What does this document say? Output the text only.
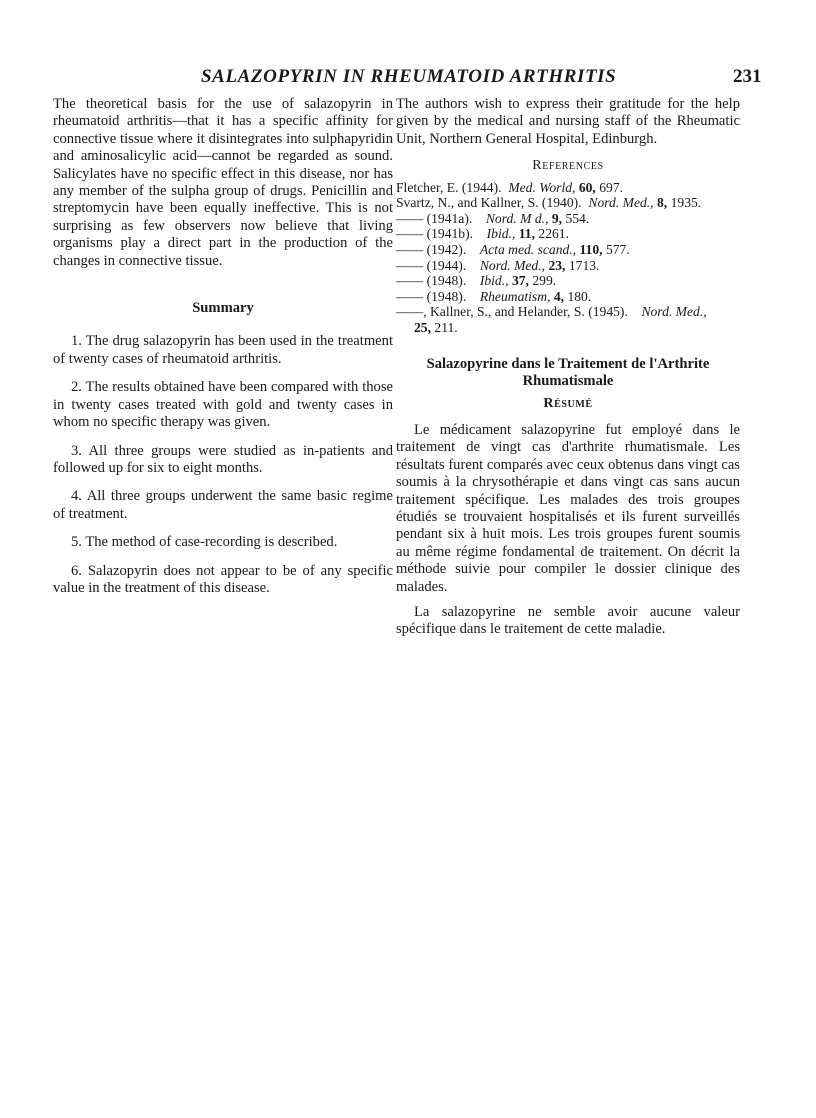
SALAZOPYRIN IN RHEUMATOID ARTHRITIS	231

The theoretical basis for the use of salazopyrin in rheumatoid arthritis—that it has a specific affinity for connective tissue where it disintegrates into sulphapyridin and aminosalicylic acid—cannot be regarded as sound. Salicylates have no specific effect in this disease, nor has any member of the sulpha group of drugs. Penicillin and streptomycin have been equally ineffective. This is not surprising as few observers now believe that living organisms play a direct part in the production of the changes in connective tissue.

Summary

1. The drug salazopyrin has been used in the treatment of twenty cases of rheumatoid arthritis.

2. The results obtained have been compared with those in twenty cases treated with gold and twenty cases in whom no specific therapy was given.

3. All three groups were studied as in-patients and followed up for six to eight months.

4. All three groups underwent the same basic regime of treatment.

5. The method of case-recording is described.

6. Salazopyrin does not appear to be of any specific value in the treatment of this disease.

The authors wish to express their gratitude for the help given by the medical and nursing staff of the Rheumatic Unit, Northern General Hospital, Edinburgh.

References
Fletcher, E. (1944). Med. World, 60, 697.
Svartz, N., and Kallner, S. (1940). Nord. Med., 8, 1935.
—— (1941a). Nord. M d., 9, 554.
—— (1941b). Ibid., 11, 2261.
—— (1942). Acta med. scand., 110, 577.
—— (1944). Nord. Med., 23, 1713.
—— (1948). Ibid., 37, 299.
—— (1948). Rheumatism, 4, 180.
——, Kallner, S., and Helander, S. (1945). Nord. Med.,
25, 211.
Salazopyrine dans le Traitement de l'Arthrite
Rhumatismale
Résumé

Le médicament salazopyrine fut employé dans le traitement de vingt cas d'arthrite rhumatismale. Les résultats furent comparés avec ceux obtenus dans vingt cas soumis à la chrysothérapie et dans vingt cas sans aucun traitement spécifique. Les malades des trois groupes étudiés se trouvaient hospitalisés et ils furent surveillés pendant six à huit mois. Les trois groupes furent soumis au même régime fondamental de traitement. On décrit la méthode suivie pour compiler le dossier clinique des malades.

La salazopyrine ne semble avoir aucune valeur spécifique dans le traitement de cette maladie.
